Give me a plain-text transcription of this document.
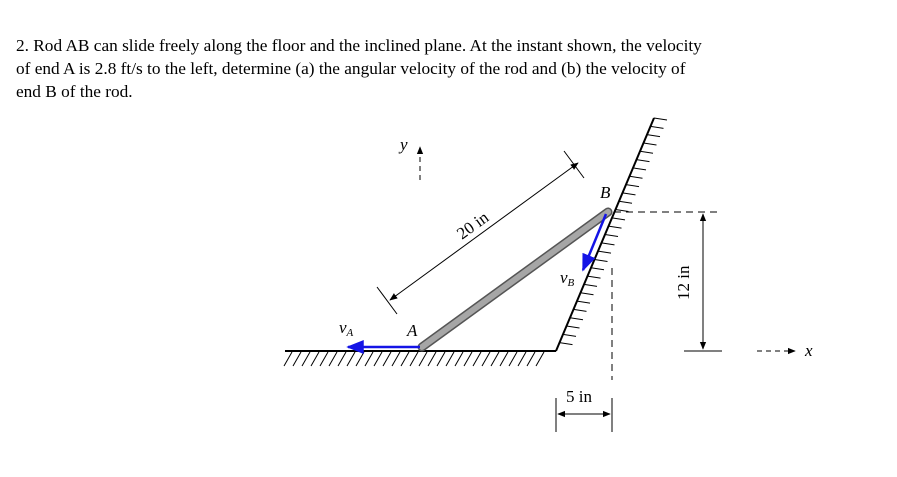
2. Rod AB can slide freely along the floor and the inclined plane. At the instant shown, the velocity
of end A is 2.8 ft/s to the left, determine (a) the angular velocity of the rod and (b) the velocity of
end B of the rod.
vA
vB
A
B
y
x
20 in
12 in
5 in
